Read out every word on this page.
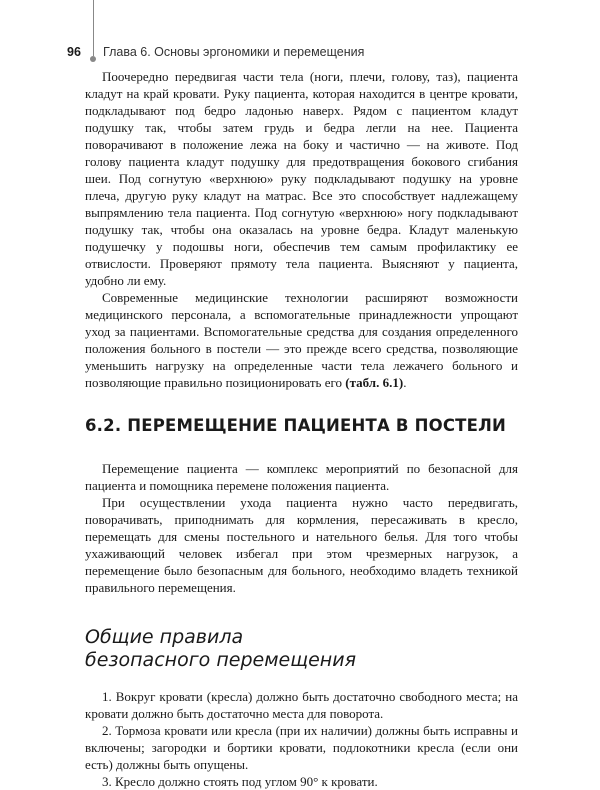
96 Глава 6. Основы эргономики и перемещения

Поочередно передвигая части тела (ноги, плечи, голову, таз), пациента кладут на край кровати. Руку пациента, которая находится в центре кровати, подкладывают под бедро ладонью наверх. Рядом с пациентом кладут подушку так, чтобы затем грудь и бедра легли на нее. Пациента поворачивают в положение лежа на боку и частично — на животе. Под голову пациента кладут подушку для предотвращения бокового сгибания шеи. Под согнутую «верхнюю» руку подкладывают подушку на уровне плеча, другую руку кладут на матрас. Все это способствует надлежащему выпрямлению тела пациента. Под согнутую «верхнюю» ногу подкладывают подушку так, чтобы она оказалась на уровне бедра. Кладут маленькую подушечку у подошвы ноги, обеспечив тем самым профилактику ее отвислости. Проверяют прямоту тела пациента. Выясняют у пациента, удобно ли ему.

Современные медицинские технологии расширяют возможности медицинского персонала, а вспомогательные принадлежности упрощают уход за пациентами. Вспомогательные средства для создания определенного положения больного в постели — это прежде всего средства, позволяющие уменьшить нагрузку на определенные части тела лежачего больного и позволяющие правильно позиционировать его (табл. 6.1).

6.2. ПЕРЕМЕЩЕНИЕ ПАЦИЕНТА В ПОСТЕЛИ

Перемещение пациента — комплекс мероприятий по безопасной для пациента и помощника перемене положения пациента.

При осуществлении ухода пациента нужно часто передвигать, поворачивать, приподнимать для кормления, пересаживать в кресло, перемещать для смены постельного и нательного белья. Для того чтобы ухаживающий человек избегал при этом чрезмерных нагрузок, а перемещение было безопасным для больного, необходимо владеть техникой правильного перемещения.

Общие правила
безопасного перемещения
1. Вокруг кровати (кресла) должно быть достаточно свободного места; на кровати должно быть достаточно места для поворота.
2. Тормоза кровати или кресла (при их наличии) должны быть исправны и включены; загородки и бортики кровати, подлокотники кресла (если они есть) должны быть опущены.
3. Кресло должно стоять под углом 90° к кровати.
